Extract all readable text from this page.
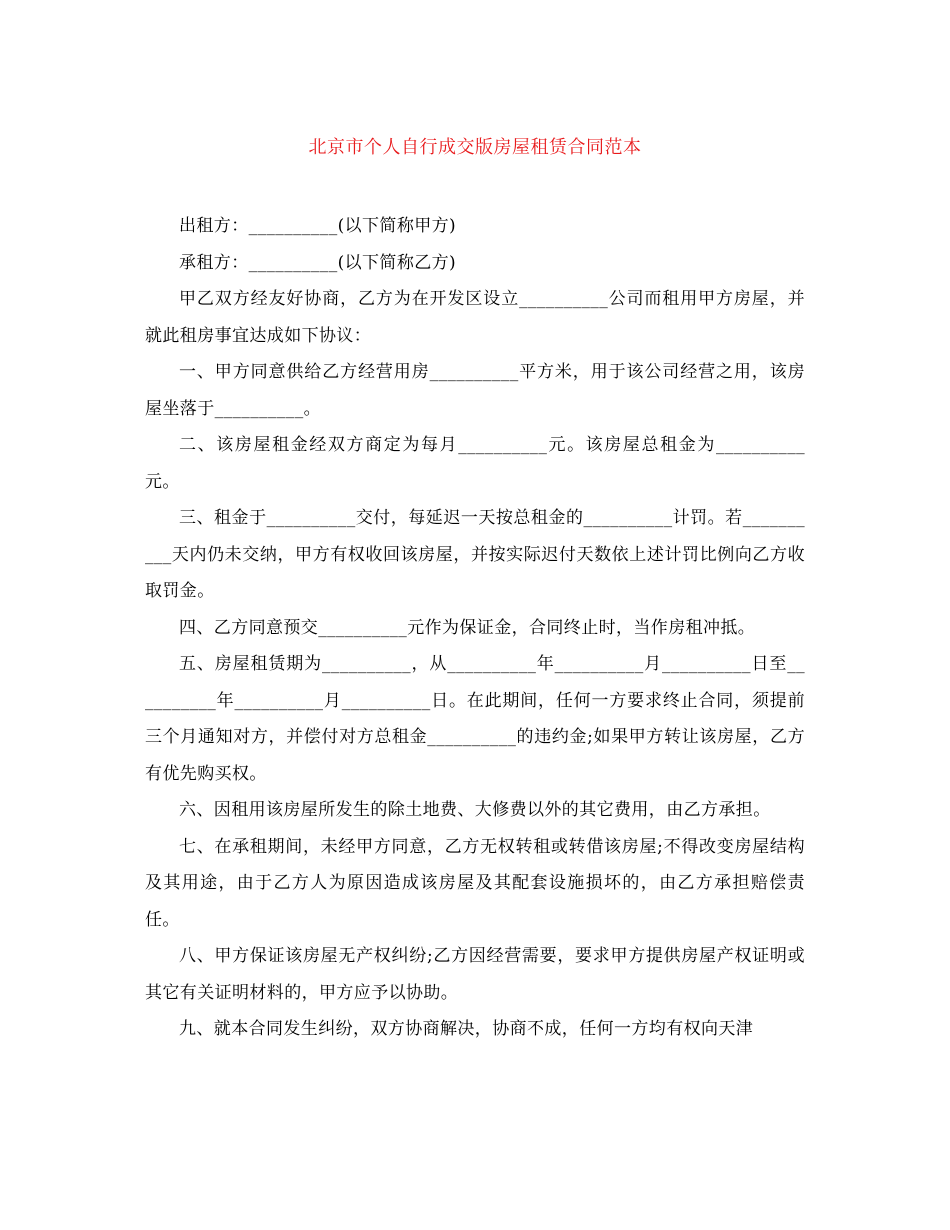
北京市个人自行成交版房屋租赁合同范本

出租方：__________(以下简称甲方)

承租方：__________(以下简称乙方)

甲乙双方经友好协商，乙方为在开发区设立__________公司而租用甲方房屋，并就此租房事宜达成如下协议：

一、甲方同意供给乙方经营用房__________平方米，用于该公司经营之用，该房屋坐落于__________。

二、该房屋租金经双方商定为每月__________元。该房屋总租金为__________元。

三、租金于__________交付，每延迟一天按总租金的__________计罚。若__________天内仍未交纳，甲方有权收回该房屋，并按实际迟付天数依上述计罚比例向乙方收取罚金。

四、乙方同意预交__________元作为保证金，合同终止时，当作房租冲抵。

五、房屋租赁期为__________，从__________年__________月__________日至__________年__________月__________日。在此期间，任何一方要求终止合同，须提前三个月通知对方，并偿付对方总租金__________的违约金;如果甲方转让该房屋，乙方有优先购买权。

六、因租用该房屋所发生的除土地费、大修费以外的其它费用，由乙方承担。

七、在承租期间，未经甲方同意，乙方无权转租或转借该房屋;不得改变房屋结构及其用途，由于乙方人为原因造成该房屋及其配套设施损坏的，由乙方承担赔偿责任。

八、甲方保证该房屋无产权纠纷;乙方因经营需要，要求甲方提供房屋产权证明或其它有关证明材料的，甲方应予以协助。

九、就本合同发生纠纷，双方协商解决，协商不成，任何一方均有权向天津
